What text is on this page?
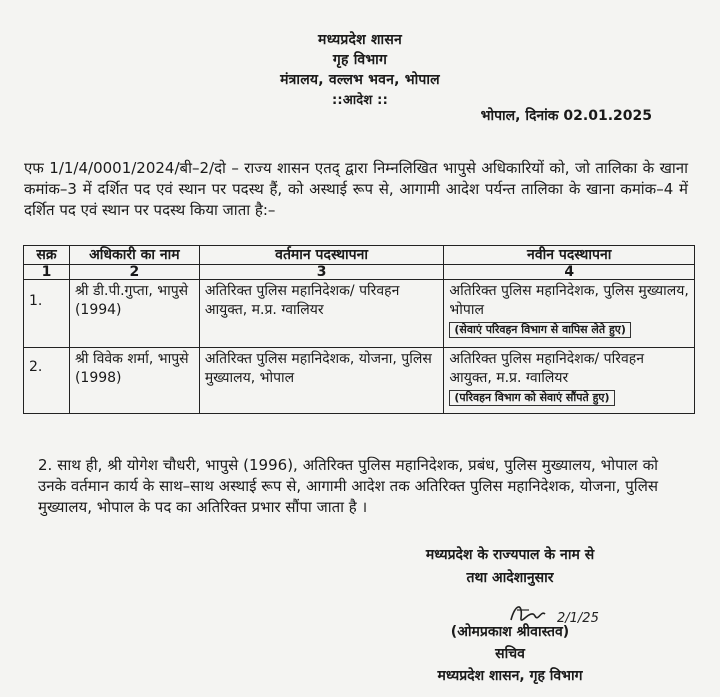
मध्यप्रदेश शासन
गृह विभाग
मंत्रालय, वल्लभ भवन, भोपाल
::आदेश ::
भोपाल, दिनांक 02.01.2025
एफ 1/1/4/0001/2024/बी–2/दो – राज्य शासन एतद् द्वारा निम्नलिखित भापुसे अधिकारियों को, जो तालिका के खाना कमांक–3 में दर्शित पद एवं स्थान पर पदस्थ हैं, को अस्थाई रूप से, आगामी आदेश पर्यन्त तालिका के खाना कमांक–4 में दर्शित पद एवं स्थान पर पदस्थ किया जाता है:–
सक्र	अधिकारी का नाम	वर्तमान पदस्थापना	नवीन पदस्थापना
1	2	3	4
1.	श्री डी.पी.गुप्ता, भापुसे (1994)	अतिरिक्त पुलिस महानिदेशक/ परिवहन आयुक्त, म.प्र. ग्वालियर	अतिरिक्त पुलिस महानिदेशक, पुलिस मुख्यालय, भोपाल
(सेवाएं परिवहन विभाग से वापिस लेते हुए)
2.	श्री विवेक शर्मा, भापुसे (1998)	अतिरिक्त पुलिस महानिदेशक, योजना, पुलिस मुख्यालय, भोपाल	अतिरिक्त पुलिस महानिदेशक/ परिवहन आयुक्त, म.प्र. ग्वालियर
(परिवहन विभाग को सेवाएं सौंपते हुए)
2. साथ ही, श्री योगेश चौधरी, भापुसे (1996), अतिरिक्त पुलिस महानिदेशक, प्रबंध, पुलिस मुख्यालय, भोपाल को उनके वर्तमान कार्य के साथ–साथ अस्थाई रूप से, आगामी आदेश तक अतिरिक्त पुलिस महानिदेशक, योजना, पुलिस मुख्यालय, भोपाल के पद का अतिरिक्त प्रभार सौंपा जाता है ।
मध्यप्रदेश के राज्यपाल के नाम से
तथा आदेशानुसार
2/1/25
(ओमप्रकाश श्रीवास्तव)
सचिव
मध्यप्रदेश शासन, गृह विभाग
